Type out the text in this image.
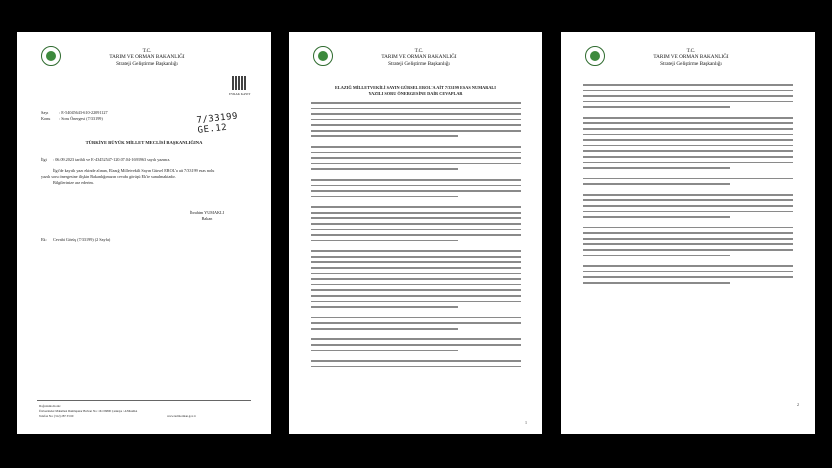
T.C.
TARIM VE ORMAN BAKANLIĞI
Strateji Geliştirme Başkanlığı
EVRAK KAYIT
Sayı	: E-54045643-610-22091127
Konu : Soru Önergesi (7/33199)	7/33199 GE.12
TÜRKİYE BÜYÜK MİLLET MECLİSİ BAŞKANLIĞINA
İlgi : 06.09.2023 tarihli ve E-43452547-120.07.04-1693963 sayılı yazınız.
İlgi'de kayıtlı yazı ekinde alınan, Elazığ Milletvekili Sayın Gürsel EROL'a ait 7/33199 esas nolu
yazılı soru önergesine ilişkin Bakanlığımızın cevabı görüşü Ek'te sunulmaktadır.
Bilgilerinize arz ederim.
İbrahim YUMAKLI
Bakan
Ek: Cevabi Görüş (7/33199) (2 Sayfa)
Doğrulama Kodu:
Üniversiteler Mahallesi Dumlupınar Bulvarı No: 161 06800 Çankaya / ANKARA
Telefon No: (312) 287 33 60	www.tarimorman.gov.tr
T.C.
TARIM VE ORMAN BAKANLIĞI
Strateji Geliştirme Başkanlığı
ELAZIĞ MİLLETVEKİLİ SAYIN GÜRSEL EROL'A AİT 7/33199 ESAS NUMARALI
YAZILI SORU ÖNERGESİNE DAİR CEVAPLAR
1
T.C.
TARIM VE ORMAN BAKANLIĞI
Strateji Geliştirme Başkanlığı
2
